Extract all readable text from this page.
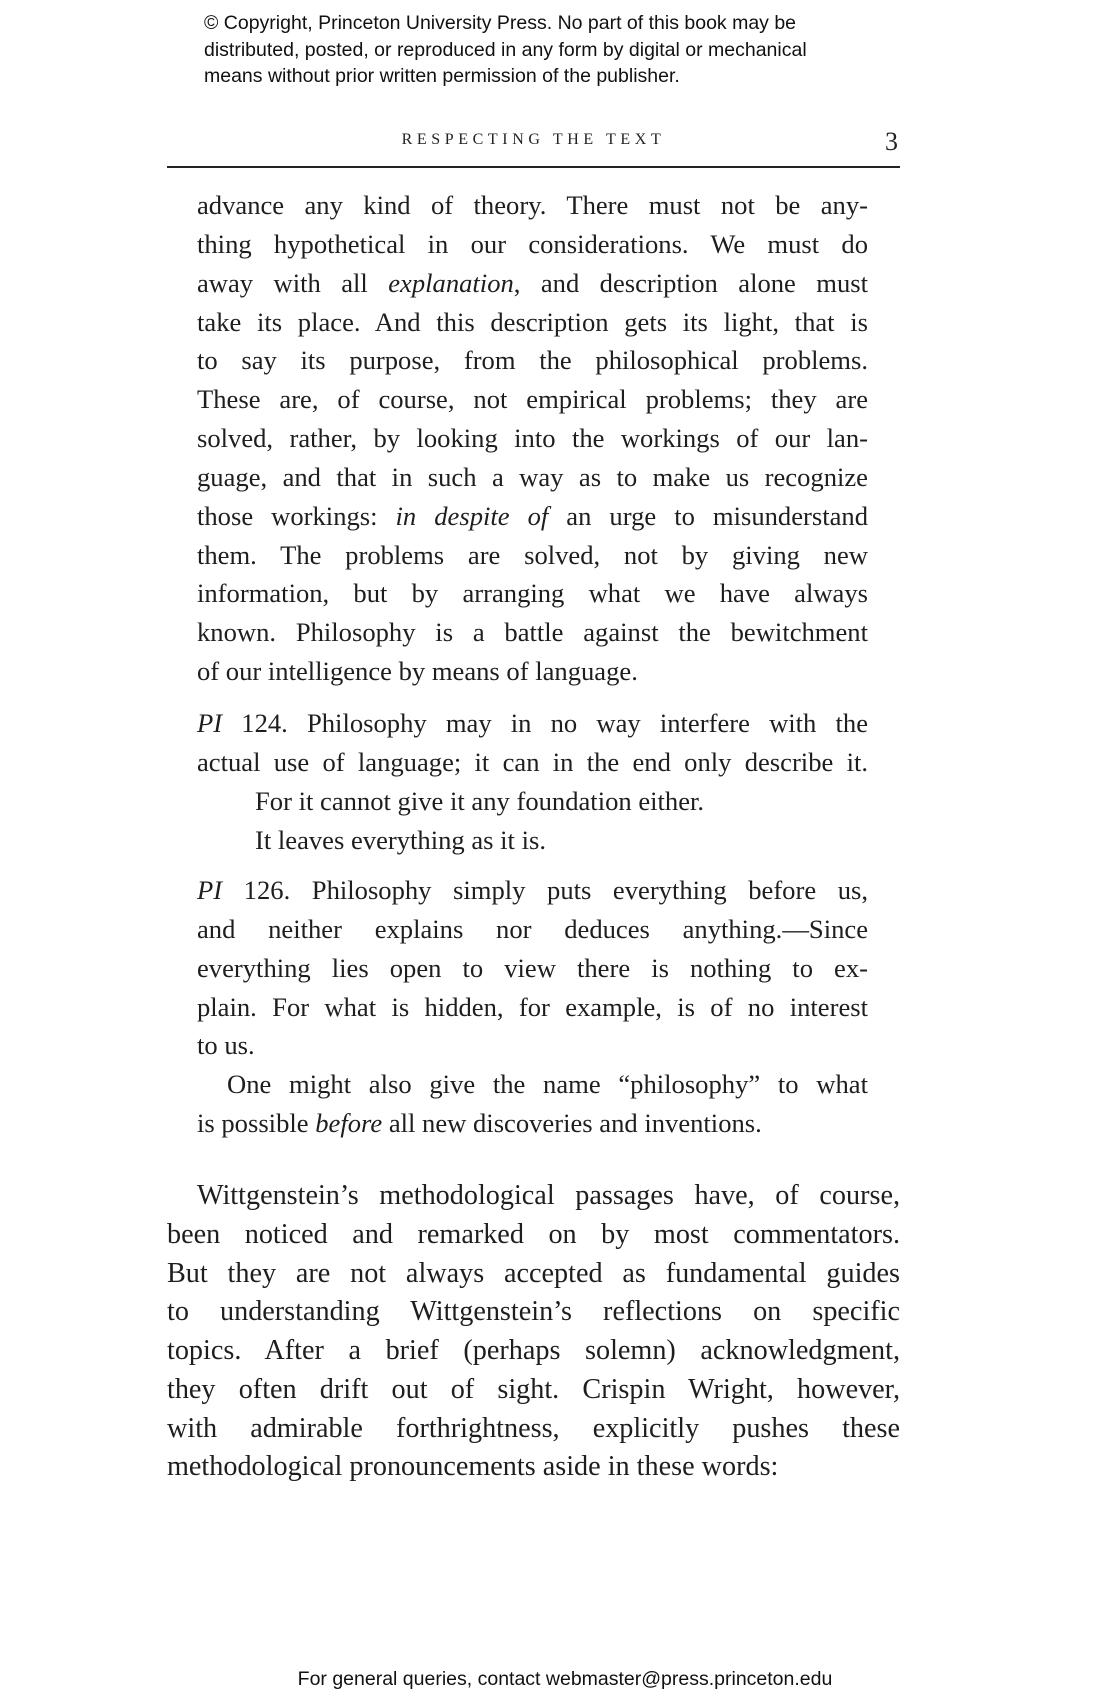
© Copyright, Princeton University Press. No part of this book may be
distributed, posted, or reproduced in any form by digital or mechanical
means without prior written permission of the publisher.
RESPECTING THE TEXT	3
advance any kind of theory. There must not be any-
thing hypothetical in our considerations. We must do
away with all explanation, and description alone must
take its place. And this description gets its light, that is
to say its purpose, from the philosophical problems.
These are, of course, not empirical problems; they are
solved, rather, by looking into the workings of our lan-
guage, and that in such a way as to make us recognize
those workings: in despite of an urge to misunderstand
them. The problems are solved, not by giving new
information, but by arranging what we have always
known. Philosophy is a battle against the bewitchment
of our intelligence by means of language.
PI 124. Philosophy may in no way interfere with the
actual use of language; it can in the end only describe it.
For it cannot give it any foundation either.
It leaves everything as it is.
PI 126. Philosophy simply puts everything before us,
and neither explains nor deduces anything.—Since
everything lies open to view there is nothing to ex-
plain. For what is hidden, for example, is of no interest
to us.
One might also give the name “philosophy” to what
is possible before all new discoveries and inventions.
Wittgenstein’s methodological passages have, of course,
been noticed and remarked on by most commentators.
But they are not always accepted as fundamental guides
to understanding Wittgenstein’s reflections on specific
topics. After a brief (perhaps solemn) acknowledgment,
they often drift out of sight. Crispin Wright, however,
with admirable forthrightness, explicitly pushes these
methodological pronouncements aside in these words:
For general queries, contact webmaster@press.princeton.edu
